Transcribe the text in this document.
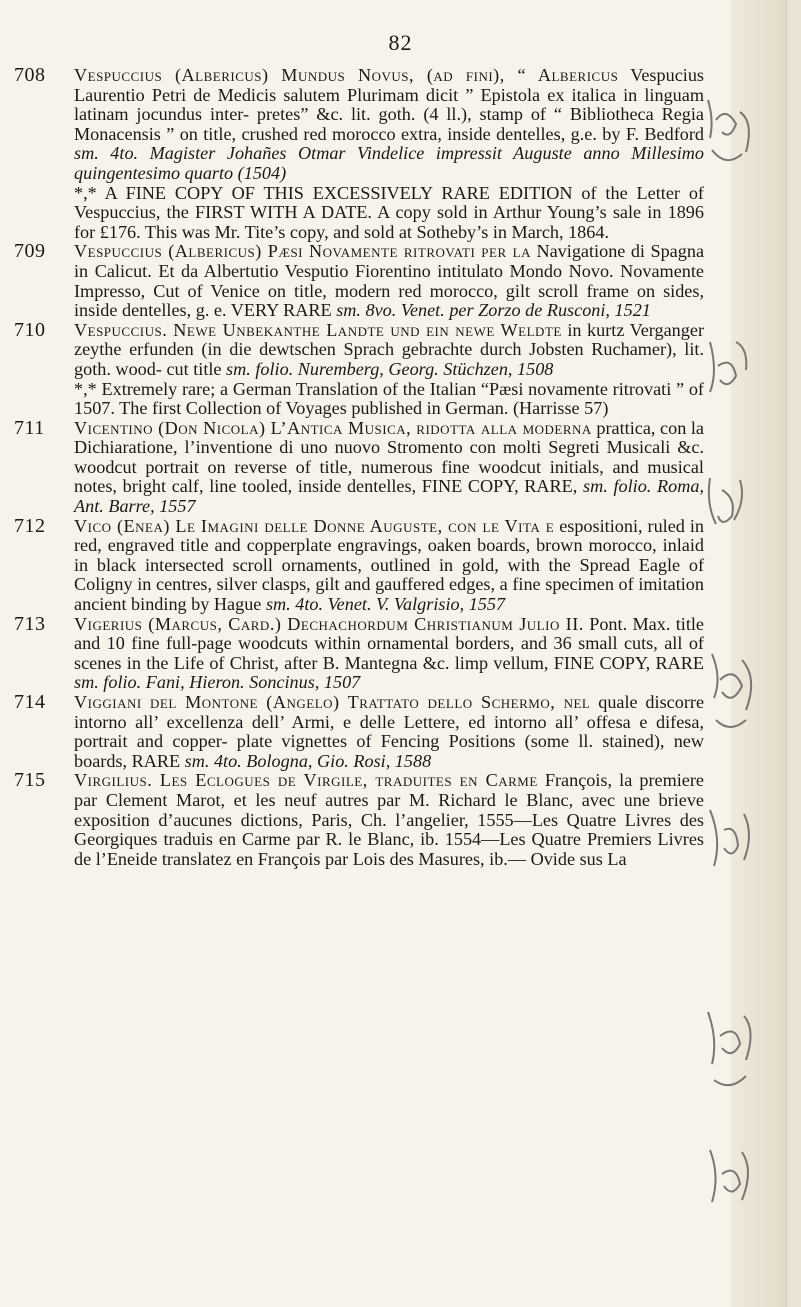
82
708	Vespuccius (Albericus) Mundus Novus, (ad fini), “ Albericus Vespucius Laurentio Petri de Medicis salutem Plurimam dicit ” Epistola ex italica in linguam latinam jocundus inter- pretes” &c. lit. goth. (4 ll.), stamp of “ Bibliotheca Regia Monacensis ” on title, crushed red morocco extra, inside dentelles, g.e. by F. Bedford sm. 4to. Magister Johañes Otmar Vindelice impressit Auguste anno Millesimo quingentesimo quarto (1504)

*,* A FINE COPY OF THIS EXCESSIVELY RARE EDITION of the Letter of Vespuccius, the FIRST WITH A DATE. A copy sold in Arthur Young’s sale in 1896 for £176. This was Mr. Tite’s copy, and sold at Sotheby’s in March, 1864.

709	Vespuccius (Albericus) Pæsi Novamente ritrovati per la Navigatione di Spagna in Calicut. Et da Albertutio Vesputio Fiorentino intitulato Mondo Novo. Novamente Impresso, Cut of Venice on title, modern red morocco, gilt scroll frame on sides, inside dentelles, g. e. VERY RARE sm. 8vo. Venet. per Zorzo de Rusconi, 1521

710	Vespuccius. Newe Unbekanthe Landte und ein newe Weldte in kurtz Verganger zeythe erfunden (in die dewtschen Sprach gebrachte durch Jobsten Ruchamer), lit. goth. wood- cut title sm. folio. Nuremberg, Georg. Stüchzen, 1508

*,* Extremely rare; a German Translation of the Italian “Pæsi novamente ritrovati ” of 1507. The first Collection of Voyages published in German. (Harrisse 57)

711	Vicentino (Don Nicola) L’Antica Musica, ridotta alla moderna prattica, con la Dichiaratione, l’inventione di uno nuovo Stromento con molti Segreti Musicali &c. woodcut portrait on reverse of title, numerous fine woodcut initials, and musical notes, bright calf, line tooled, inside dentelles, FINE COPY, RARE, sm. folio. Roma, Ant. Barre, 1557

712	Vico (Enea) Le Imagini delle Donne Auguste, con le Vita e espositioni, ruled in red, engraved title and copperplate engravings, oaken boards, brown morocco, inlaid in black intersected scroll ornaments, outlined in gold, with the Spread Eagle of Coligny in centres, silver clasps, gilt and gauffered edges, a fine specimen of imitation ancient binding by Hague sm. 4to. Venet. V. Valgrisio, 1557

713	Vigerius (Marcus, Card.) Dechachordum Christianum Julio II. Pont. Max. title and 10 fine full-page woodcuts within ornamental borders, and 36 small cuts, all of scenes in the Life of Christ, after B. Mantegna &c. limp vellum, FINE COPY, RARE sm. folio. Fani, Hieron. Soncinus, 1507

714	Viggiani del Montone (Angelo) Trattato dello Schermo, nel quale discorre intorno all’ excellenza dell’ Armi, e delle Lettere, ed intorno all’ offesa e difesa, portrait and copper- plate vignettes of Fencing Positions (some ll. stained), new boards, RARE sm. 4to. Bologna, Gio. Rosi, 1588

715	Virgilius. Les Eclogues de Virgile, traduites en Carme François, la premiere par Clement Marot, et les neuf autres par M. Richard le Blanc, avec une brieve exposition d’aucunes dictions, Paris, Ch. l’angelier, 1555—Les Quatre Livres des Georgiques traduis en Carme par R. le Blanc, ib. 1554—Les Quatre Premiers Livres de l’Eneide translatez en François par Lois des Masures, ib.— Ovide sus La
